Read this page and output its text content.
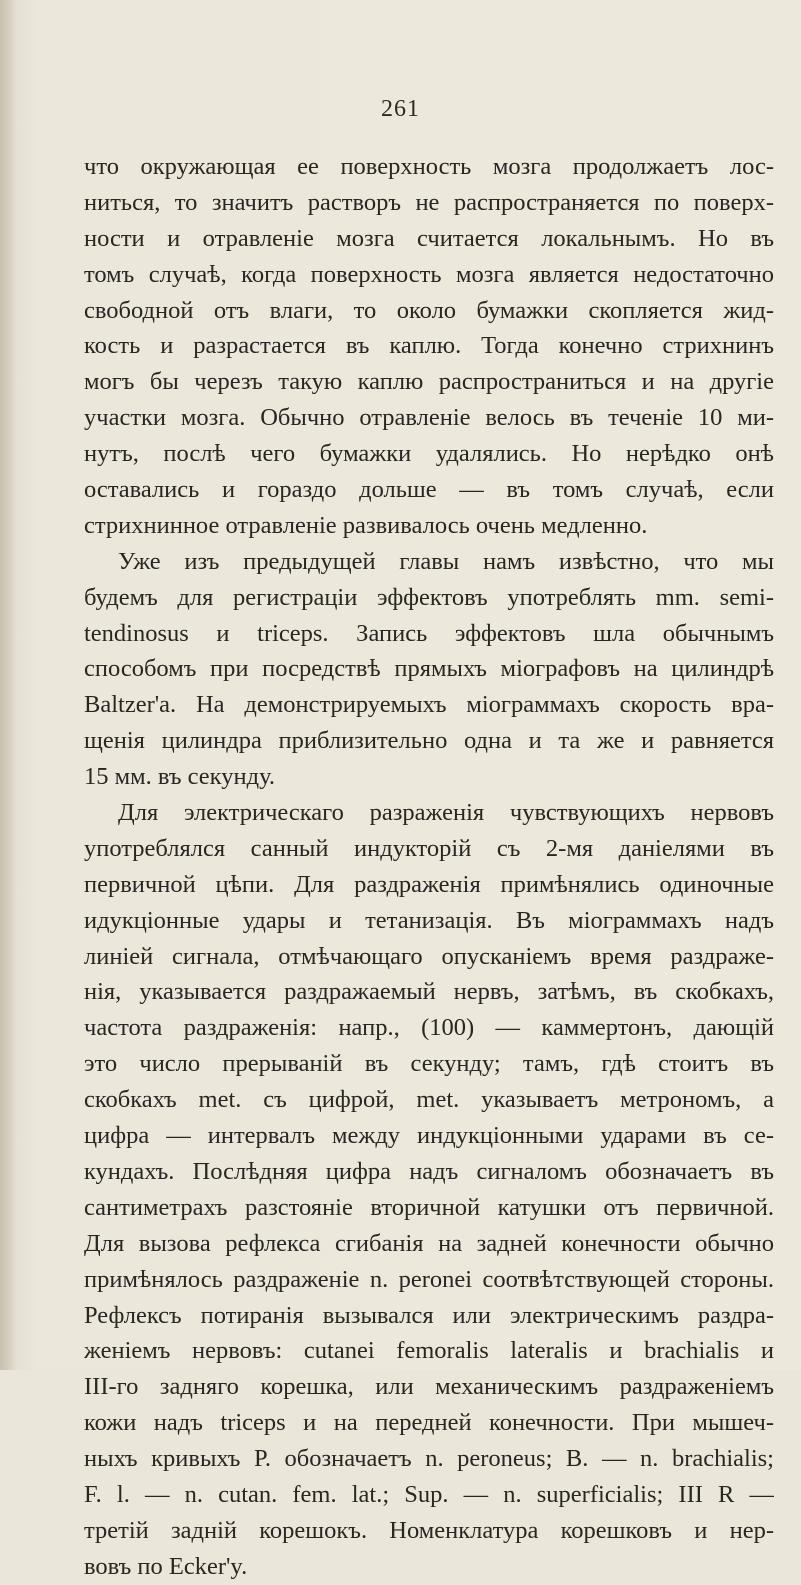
261
что окружающая ее поверхность мозга продолжаетъ лос-
ниться, то значитъ растворъ не распространяется по поверх-
ности и отравленіе мозга считается локальнымъ. Но въ
томъ случаѣ, когда поверхность мозга является недостаточно
свободной отъ влаги, то около бумажки скопляется жид-
кость и разрастается въ каплю. Тогда конечно стрихнинъ
могъ бы черезъ такую каплю распространиться и на другіе
участки мозга. Обычно отравленіе велось въ теченіе 10 ми-
нутъ, послѣ чего бумажки удалялись. Но нерѣдко онѣ
оставались и гораздо дольше — въ томъ случаѣ, если
стрихнинное отравленіе развивалось очень медленно.
Уже изъ предыдущей главы намъ извѣстно, что мы
будемъ для регистраціи эффектовъ употреблять mm. semi-
tendinosus и triceps. Запись эффектовъ шла обычнымъ
способомъ при посредствѣ прямыхъ міографовъ на цилиндрѣ
Baltzer'a. На демонстрируемыхъ міограммахъ скорость вра-
щенія цилиндра приблизительно одна и та же и равняется
15 мм. въ секунду.
Для электрическаго разраженія чувствующихъ нервовъ
употреблялся санный индукторій съ 2-мя даніелями въ
первичной цѣпи. Для раздраженія примѣнялись одиночные
идукціонные удары и тетанизація. Въ міограммахъ надъ
линіей сигнала, отмѣчающаго опусканіемъ время раздраже-
нія, указывается раздражаемый нервъ, затѣмъ, въ скобкахъ,
частота раздраженія: напр., (100) — каммертонъ, дающій
это число прерываній въ секунду; тамъ, гдѣ стоитъ въ
скобкахъ met. съ цифрой, met. указываетъ метрономъ, а
цифра — интервалъ между индукціонными ударами въ се-
кундахъ. Послѣдняя цифра надъ сигналомъ обозначаетъ въ
сантиметрахъ разстояніе вторичной катушки отъ первичной.
Для вызова рефлекса сгибанія на задней конечности обычно
примѣнялось раздраженіе n. peronei соотвѣтствующей стороны.
Рефлексъ потиранія вызывался или электрическимъ раздра-
женіемъ нервовъ: cutanei femoralis lateralis и brachialis и
III-го задняго корешка, или механическимъ раздраженіемъ
кожи надъ triceps и на передней конечности. При мышеч-
ныхъ кривыхъ P. обозначаетъ n. peroneus; B. — n. brachialis;
F. l. — n. cutan. fem. lat.; Sup. — n. superficialis; III R —
третій задній корешокъ. Номенклатура корешковъ и нер-
вовъ по Ecker'y.
